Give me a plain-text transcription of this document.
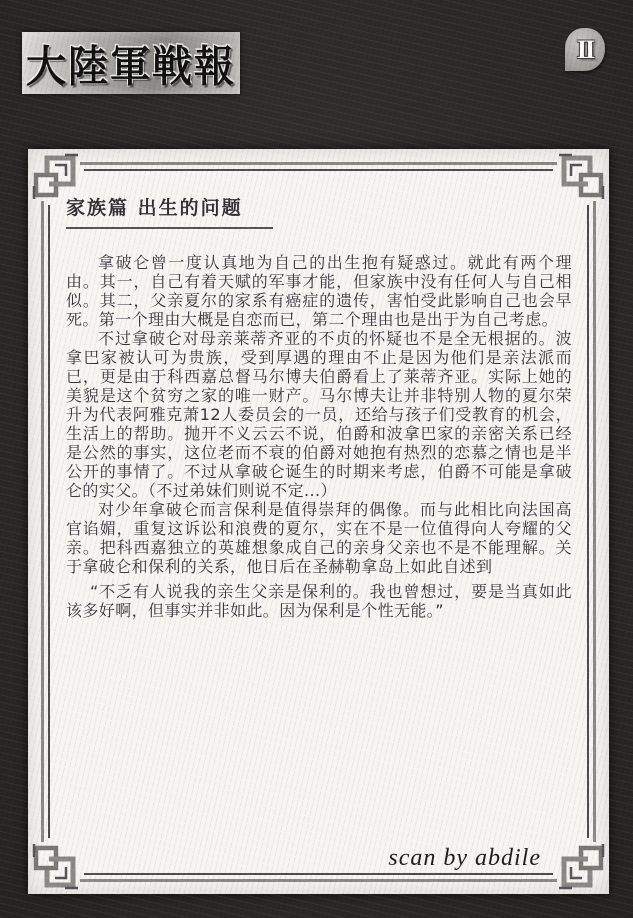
大陸軍戦報	II
家族篇 出生的问题

拿破仑曾一度认真地为自己的出生抱有疑惑过。就此有两个理由。其一，自己有着天赋的军事才能，但家族中没有任何人与自己相似。其二，父亲夏尔的家系有癌症的遗传，害怕受此影响自己也会早死。第一个理由大概是自恋而已，第二个理由也是出于为自己考虑。

不过拿破仑对母亲莱蒂齐亚的不贞的怀疑也不是全无根据的。波拿巴家被认可为贵族，受到厚遇的理由不止是因为他们是亲法派而已，更是由于科西嘉总督马尔博夫伯爵看上了莱蒂齐亚。实际上她的美貌是这个贫穷之家的唯一财产。马尔博夫让并非特别人物的夏尔荣升为代表阿雅克萧12人委员会的一员，还给与孩子们受教育的机会，生活上的帮助。抛开不义云云不说，伯爵和波拿巴家的亲密关系已经是公然的事实，这位老而不衰的伯爵对她抱有热烈的恋慕之情也是半公开的事情了。不过从拿破仑诞生的时期来考虑，伯爵不可能是拿破仑的实父。（不过弟妹们则说不定...）

对少年拿破仑而言保利是值得崇拜的偶像。而与此相比向法国高官谄媚，重复这诉讼和浪费的夏尔，实在不是一位值得向人夸耀的父亲。把科西嘉独立的英雄想象成自己的亲身父亲也不是不能理解。关于拿破仑和保利的关系，他日后在圣赫勒拿岛上如此自述到

“不乏有人说我的亲生父亲是保利的。我也曾想过，要是当真如此该多好啊，但事实并非如此。因为保利是个性无能。”

scan by abdile
